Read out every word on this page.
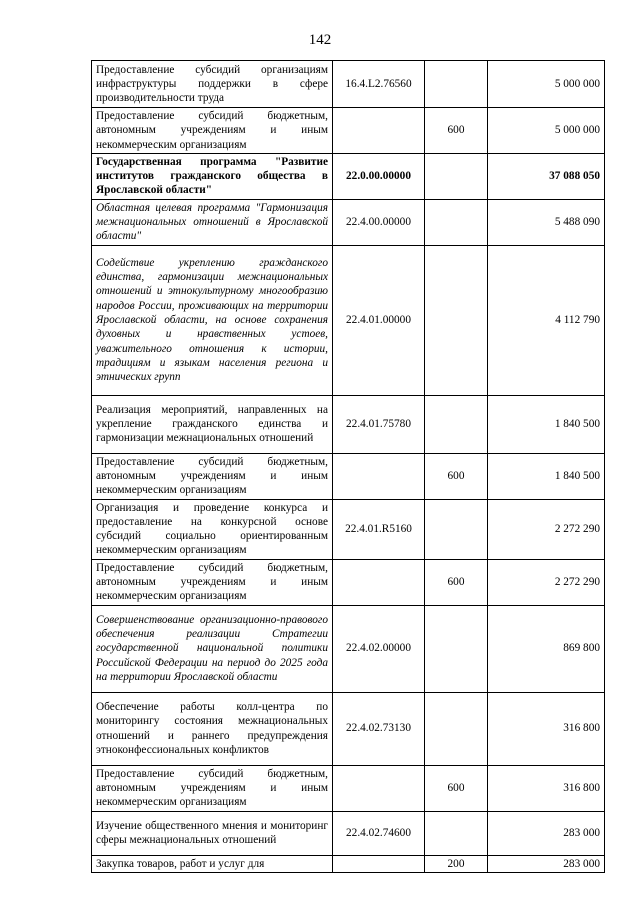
142
Предоставление субсидий организациям инфраструктуры поддержки в сфере производительности труда	16.4.L2.76560		5 000 000
Предоставление субсидий бюджетным, автономным учреждениям и иным некоммерческим организациям		600	5 000 000
Государственная программа "Развитие институтов гражданского общества в Ярославской области"	22.0.00.00000		37 088 050
Областная целевая программа "Гармонизация межнациональных отношений в Ярославской области"	22.4.00.00000		5 488 090
Содействие укреплению гражданского единства, гармонизации межнациональных отношений и этнокультурному многообразию народов России, проживающих на территории Ярославской области, на основе сохранения духовных и нравственных устоев, уважительного отношения к истории, традициям и языкам населения региона и этнических групп	22.4.01.00000		4 112 790
Реализация мероприятий, направленных на укрепление гражданского единства и гармонизации межнациональных отношений	22.4.01.75780		1 840 500
Предоставление субсидий бюджетным, автономным учреждениям и иным некоммерческим организациям		600	1 840 500
Организация и проведение конкурса и предоставление на конкурсной основе субсидий социально ориентированным некоммерческим организациям	22.4.01.R5160		2 272 290
Предоставление субсидий бюджетным, автономным учреждениям и иным некоммерческим организациям		600	2 272 290
Совершенствование организационно-правового обеспечения реализации Стратегии государственной национальной политики Российской Федерации на период до 2025 года на территории Ярославской области	22.4.02.00000		869 800
Обеспечение работы колл-центра по мониторингу состояния межнациональных отношений и раннего предупреждения этноконфессиональных конфликтов	22.4.02.73130		316 800
Предоставление субсидий бюджетным, автономным учреждениям и иным некоммерческим организациям		600	316 800
Изучение общественного мнения и мониторинг сферы межнациональных отношений	22.4.02.74600		283 000
Закупка товаров, работ и услуг для		200	283 000
